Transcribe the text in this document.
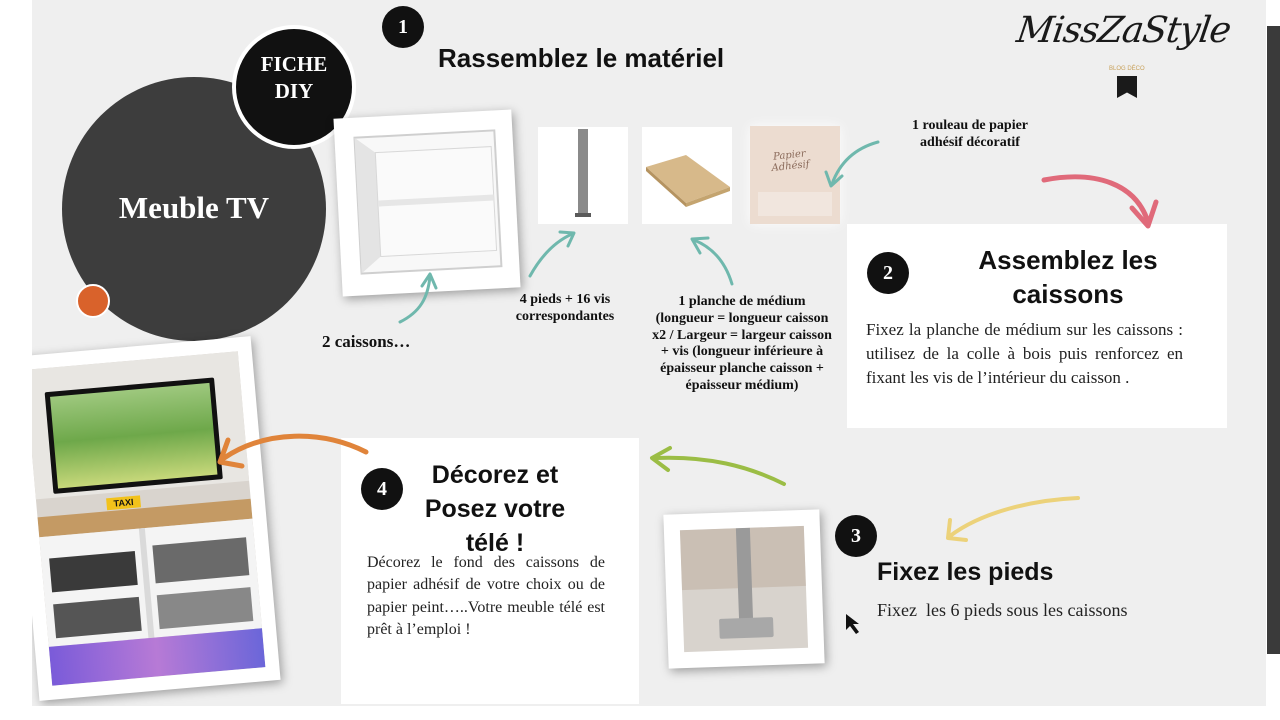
Meuble TV
FICHE
DIY
1
Rassemblez le matériel
MissZaStyle
BLOG DÉCO
Papier Adhésif
2 caissons…
4 pieds + 16 vis correspondantes
1 planche de médium (longueur = longueur caisson x2 / Largeur = largeur caisson + vis (longueur inférieure à épaisseur planche caisson + épaisseur médium)
1 rouleau de papier adhésif décoratif
2	Assemblez les caissons
Fixez la planche de médium sur les caissons : utilisez de la colle à bois puis renforcez en fixant les vis de l’intérieur du caisson .
4	Décorez et Posez votre télé !
Décorez le fond des caissons de papier adhésif de votre choix ou de papier peint…..Votre meuble télé est prêt à l’emploi !
TAXI
3
Fixez les pieds
Fixez  les 6 pieds sous les caissons
